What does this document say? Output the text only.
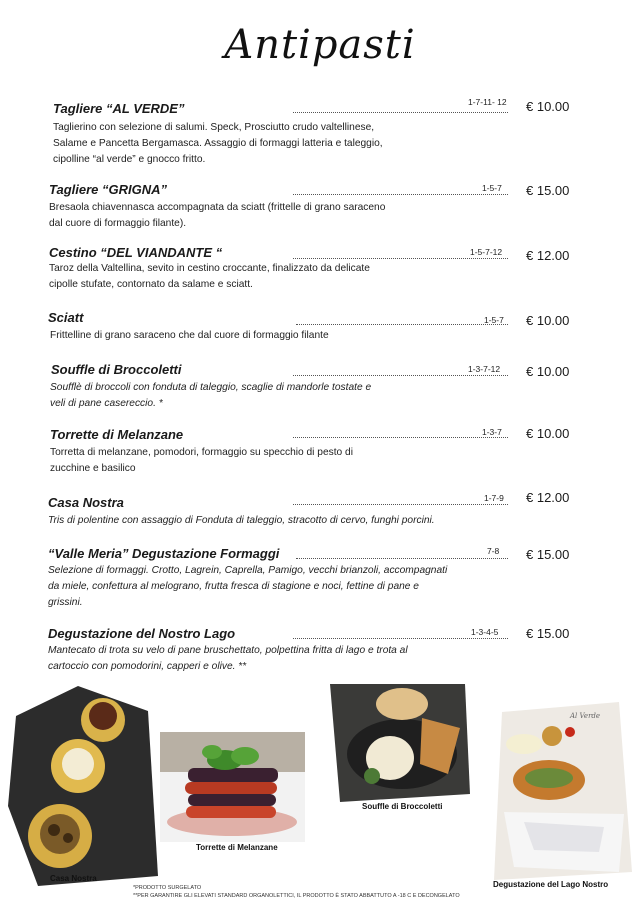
Antipasti
Tagliere “AL VERDE”	1-7-11- 12 € 10.00
Taglierino con selezione di salumi. Speck, Prosciutto crudo valtellinese,
Salame e Pancetta Bergamasca. Assaggio di formaggi latteria e taleggio,
cipolline “al verde” e gnocco fritto.
Tagliere “GRIGNA”	1-5-7 € 15.00
Bresaola chiavennasca accompagnata da sciatt (frittelle di grano saraceno
dal cuore di formaggio filante).
Cestino “DEL VIANDANTE “	1-5-7-12 € 12.00
Taroz della Valtellina, sevito in cestino croccante, finalizzato da delicate
cipolle stufate, contornato da salame e sciatt.
Sciatt	1-5-7 € 10.00
Frittelline di grano saraceno che dal cuore di formaggio filante
Souffle di Broccoletti	1-3-7-12 € 10.00
Soufflè di broccoli con fonduta di taleggio, scaglie di mandorle tostate e
veli di pane casereccio. *
Torrette di Melanzane	1-3-7 € 10.00
Torretta di melanzane, pomodori, formaggio su specchio di pesto di
zucchine e basilico
Casa Nostra	1-7-9 € 12.00
Tris di polentine con assaggio di Fonduta di taleggio, stracotto di cervo, funghi porcini.
“Valle Meria” Degustazione Formaggi	7-8 € 15.00
Selezione di formaggi. Crotto, Lagrein, Caprella, Pamigo, vecchi brianzoli, accompagnati
da miele, confettura al melograno, frutta fresca di stagione e noci, fettine di pane e
grissini.
Degustazione del Nostro Lago	1-3-4-5 € 15.00
Mantecato di trota su velo di pane bruschettato, polpettina fritta di lago e trota al
cartoccio con pomodorini, capperi e olive. **
Casa Nostra
Torrette di Melanzane
Souffle di Broccoletti
Al Verde
Degustazione del Lago Nostro
*PRODOTTO SURGELATO
**PER GARANTIRE GLI ELEVATI STANDARD ORGANOLETTICI, IL PRODOTTO È STATO ABBATTUTO A -18 C E DECONGELATO
